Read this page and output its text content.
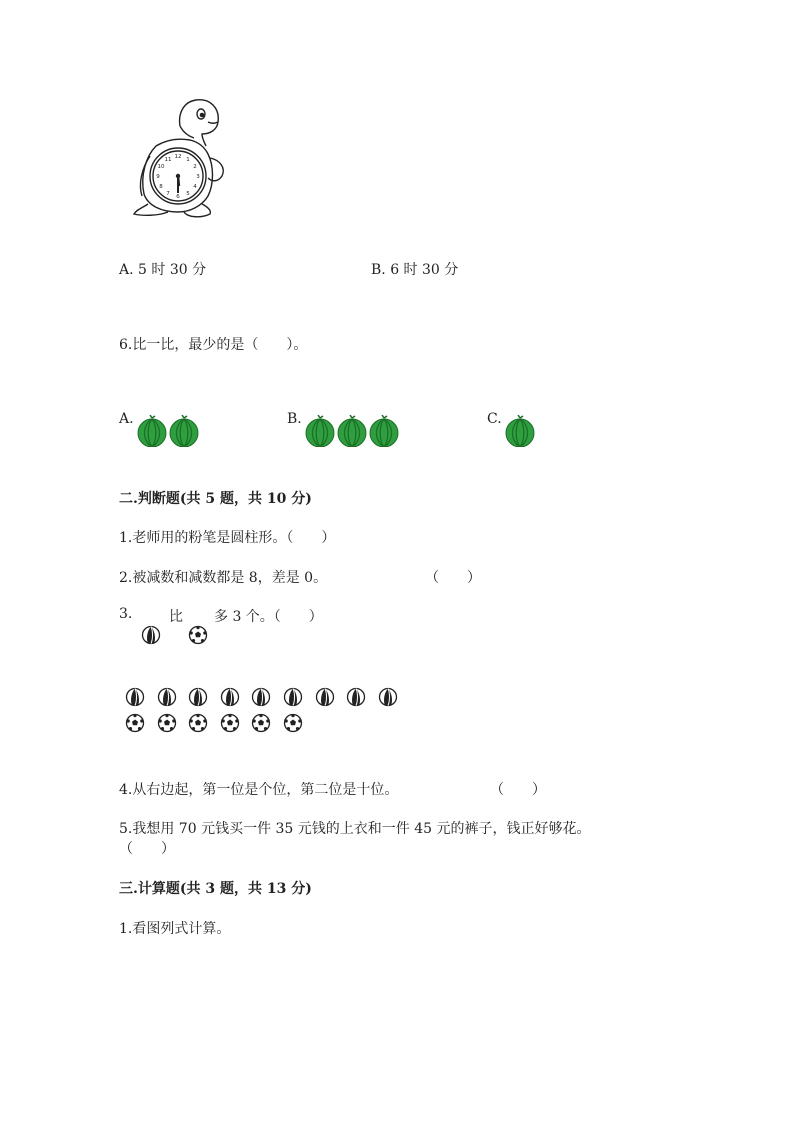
12 1
2
3
4
5
6
7
8
9
10
11
A. 5 时 30 分	B. 6 时 30 分
6.比一比，最少的是（　　）。
A.	B.	C.
二.判断题(共 5 题，共 10 分)
1.老师用的粉笔是圆柱形。（　　）
2.被减数和减数都是 8，差是 0。	（　　）
3.	比 多 3 个。（　　）
4.从右边起，第一位是个位，第二位是十位。	（　　）
5.我想用 70 元钱买一件 35 元钱的上衣和一件 45 元的裤子，钱正好够花。
（　　）
三.计算题(共 3 题，共 13 分)
1.看图列式计算。
